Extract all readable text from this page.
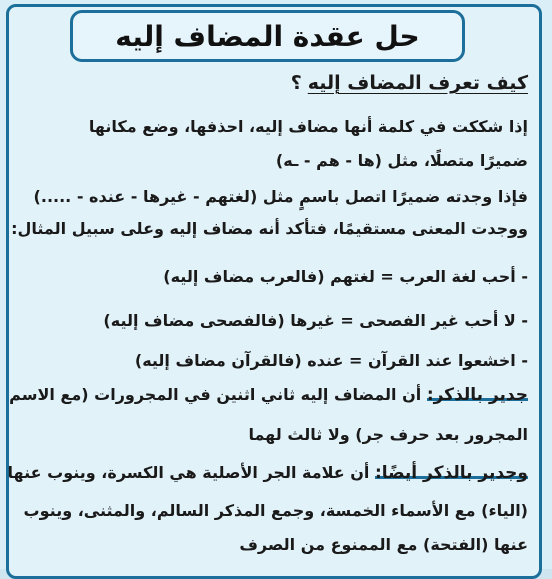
حل عقدة المضاف إليه
كيف تعرف المضاف إليه؟
إذا شككت في كلمة أنها مضاف إليه، احذفها، وضع مكانها
ضميرًا متصلًا، مثل (ها - هم - ـه)
فإذا وجدته ضميرًا اتصل باسمٍ مثل (لغتهم - غيرها - عنده - .....)
ووجدت المعنى مستقيمًا، فتأكد أنه مضاف إليه وعلى سبيل المثال:
- أحب لغة العرب = لغتهم (فالعرب مضاف إليه)
- لا أحب غير الفصحى = غيرها (فالفصحى مضاف إليه)
- اخشعوا عند القرآن = عنده (فالقرآن مضاف إليه)
جدير بالذكر: أن المضاف إليه ثاني اثنين في المجرورات (مع الاسم
المجرور بعد حرف جر) ولا ثالث لهما
وجدير بالذكر أيضًا: أن علامة الجر الأصلية هي الكسرة، وينوب عنها
(الياء) مع الأسماء الخمسة، وجمع المذكر السالم، والمثنى، وينوب
عنها (الفتحة) مع الممنوع من الصرف
